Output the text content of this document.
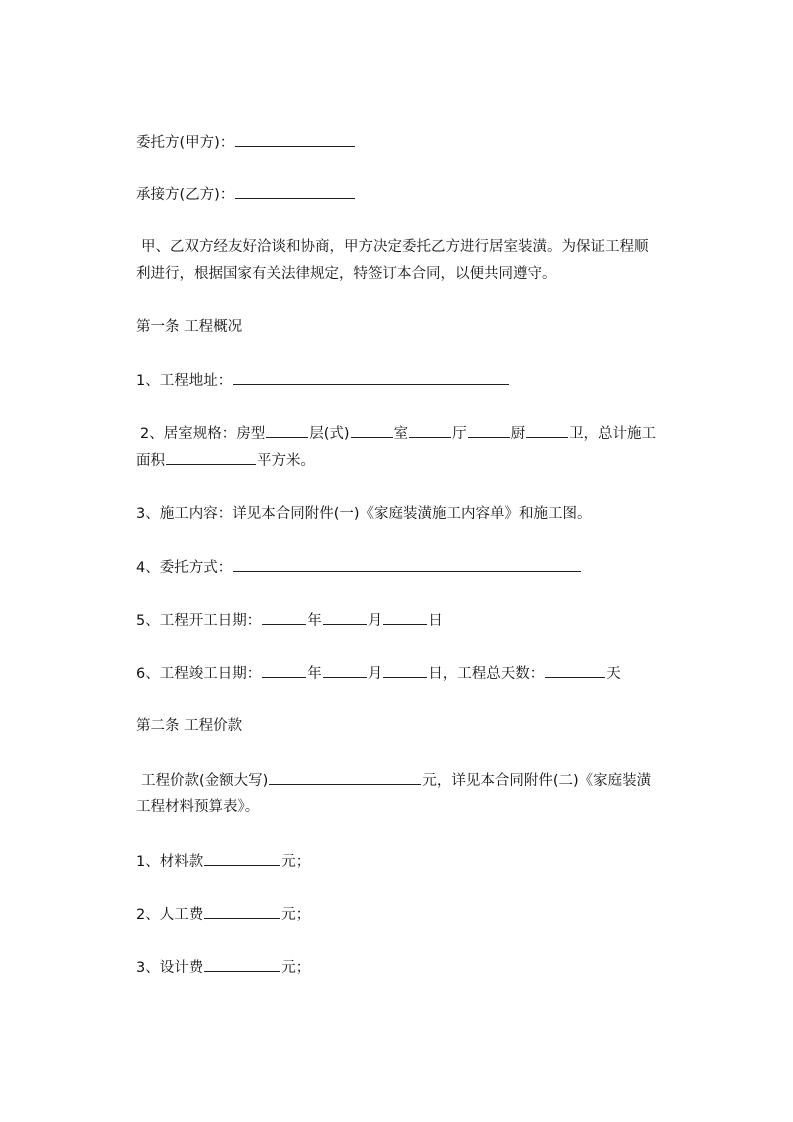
委托方(甲方)：
承接方(乙方)：
甲、乙双方经友好洽谈和协商，甲方决定委托乙方进行居室装潢。为保证工程顺
利进行，根据国家有关法律规定，特签订本合同，以便共同遵守。
第一条 工程概况
1、工程地址：
2、居室规格：房型	层(式)	室	厅	厨	卫，总计施工
面积	平方米。
3、施工内容：详见本合同附件(一)《家庭装潢施工内容单》和施工图。
4、委托方式：
5、工程开工日期：	年	月	日
6、工程竣工日期：	年	月	日，工程总天数：	天
第二条 工程价款
工程价款(金额大写)	元，详见本合同附件(二)《家庭装潢
工程材料预算表》。
1、材料款	元；
2、人工费	元；
3、设计费	元；
